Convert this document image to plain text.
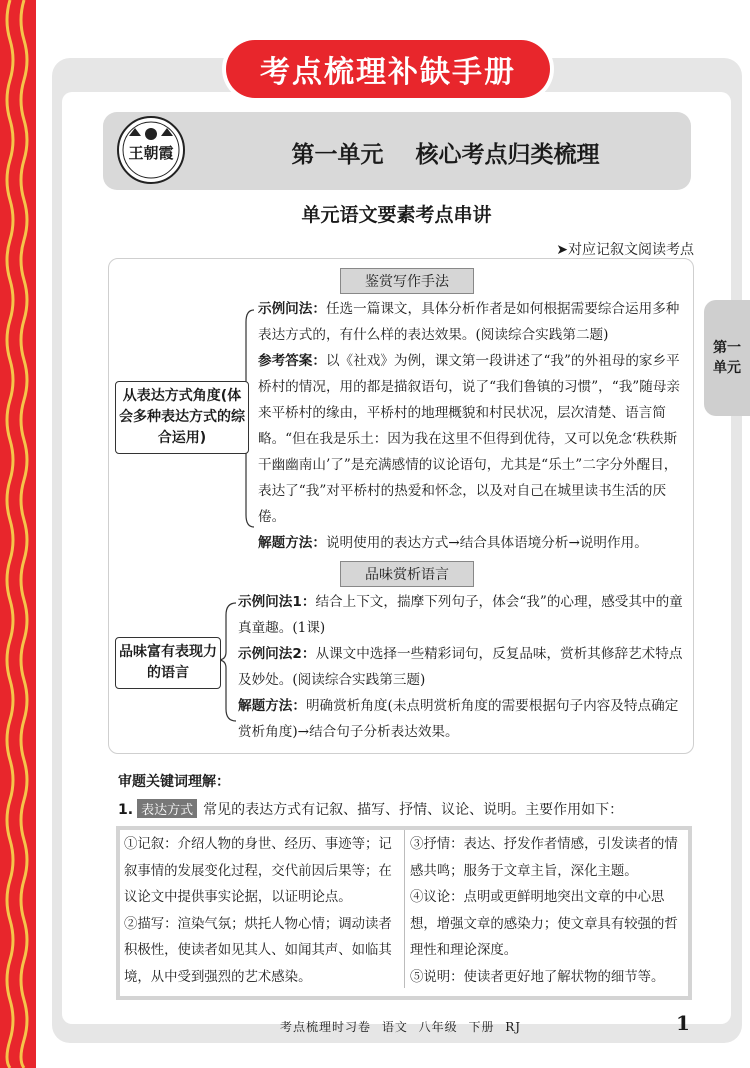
考点梳理补缺手册
王朝霞	第一单元    核心考点归类梳理
单元语文要素考点串讲
➤对应记叙文阅读考点
第一
单元
鉴赏写作手法
从表达方式角度(体会多种表达方式的综合运用)
示例问法：任选一篇课文，具体分析作者是如何根据需要综合运用多种表达方式的，有什么样的表达效果。(阅读综合实践第二题)
参考答案：以《社戏》为例，课文第一段讲述了“我”的外祖母的家乡平桥村的情况，用的都是描叙语句，说了“我们鲁镇的习惯”，“我”随母亲来平桥村的缘由，平桥村的地理概貌和村民状况，层次清楚、语言简略。“但在我是乐土：因为我在这里不但得到优待，又可以免念‘秩秩斯干幽幽南山’了”是充满感情的议论语句，尤其是“乐土”二字分外醒目，表达了“我”对平桥村的热爱和怀念，以及对自己在城里读书生活的厌倦。
解题方法：说明使用的表达方式→结合具体语境分析→说明作用。
品味赏析语言
品味富有表现力的语言
示例问法1：结合上下文，揣摩下列句子，体会“我”的心理，感受其中的童真童趣。(1课)
示例问法2：从课文中选择一些精彩词句，反复品味，赏析其修辞艺术特点及妙处。(阅读综合实践第三题)
解题方法：明确赏析角度(未点明赏析角度的需要根据句子内容及特点确定赏析角度)→结合句子分析表达效果。
审题关键词理解：
1. 表达方式 常见的表达方式有记叙、描写、抒情、议论、说明。主要作用如下：
①记叙：介绍人物的身世、经历、事迹等；记叙事情的发展变化过程，交代前因后果等；在议论文中提供事实论据，以证明论点。
②描写：渲染气氛；烘托人物心情；调动读者积极性，使读者如见其人、如闻其声、如临其境，从中受到强烈的艺术感染。
③抒情：表达、抒发作者情感，引发读者的情感共鸣；服务于文章主旨，深化主题。
④议论：点明或更鲜明地突出文章的中心思想，增强文章的感染力；使文章具有较强的哲理性和理论深度。
⑤说明：使读者更好地了解状物的细节等。
考点梳理时习卷 语文 八年级 下册 RJ	1
